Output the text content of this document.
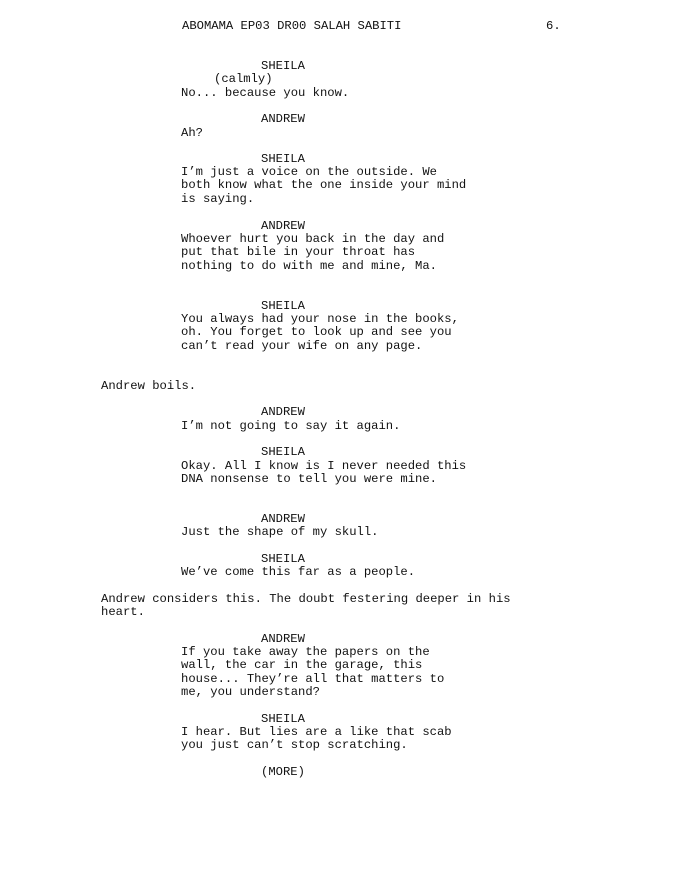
ABOMAMA EP03 DR00 SALAH SABITI	6.
SHEILA
(calmly)
No... because you know.
ANDREW
Ah?
SHEILA
I’m just a voice on the outside. We both know what the one inside your mind is saying.
ANDREW
Whoever hurt you back in the day and put that bile in your throat has nothing to do with me and mine, Ma.
SHEILA
You always had your nose in the books, oh. You forget to look up and see you can’t read your wife on any page.
Andrew boils.
ANDREW
I’m not going to say it again.
SHEILA
Okay. All I know is I never needed this DNA nonsense to tell you were mine.
ANDREW
Just the shape of my skull.
SHEILA
We’ve come this far as a people.
Andrew considers this. The doubt festering deeper in his heart.
ANDREW
If you take away the papers on the wall, the car in the garage, this house... They’re all that matters to me, you understand?
SHEILA
I hear. But lies are a like that scab you just can’t stop scratching.
(MORE)
